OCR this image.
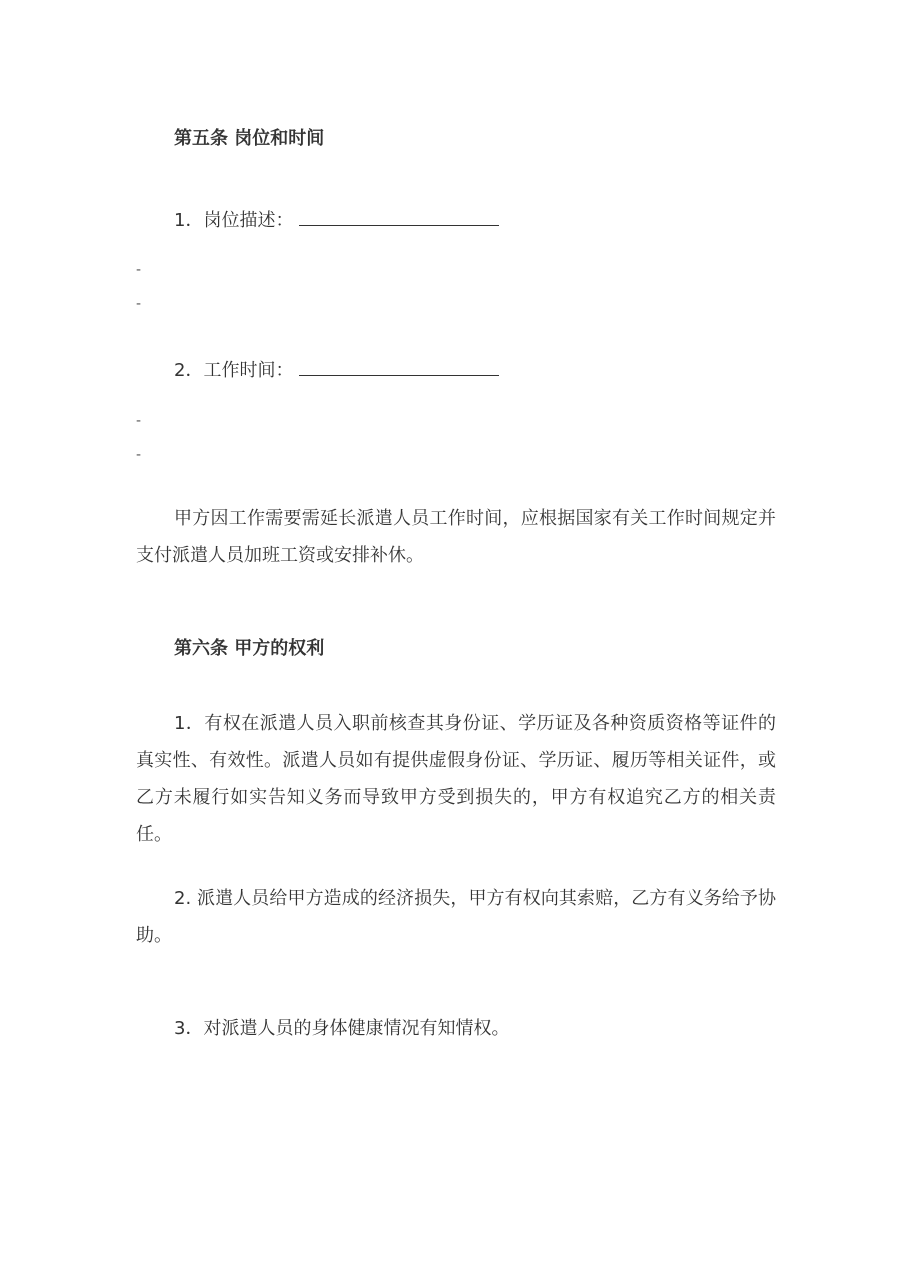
第五条 岗位和时间
1．岗位描述：
-
-
2．工作时间：
-
-

甲方因工作需要需延长派遣人员工作时间，应根据国家有关工作时间规定并支付派遣人员加班工资或安排补休。

第六条 甲方的权利

1．有权在派遣人员入职前核查其身份证、学历证及各种资质资格等证件的真实性、有效性。派遣人员如有提供虚假身份证、学历证、履历等相关证件，或乙方未履行如实告知义务而导致甲方受到损失的，甲方有权追究乙方的相关责任。

2. 派遣人员给甲方造成的经济损失，甲方有权向其索赔，乙方有义务给予协助。

3．对派遣人员的身体健康情况有知情权。
